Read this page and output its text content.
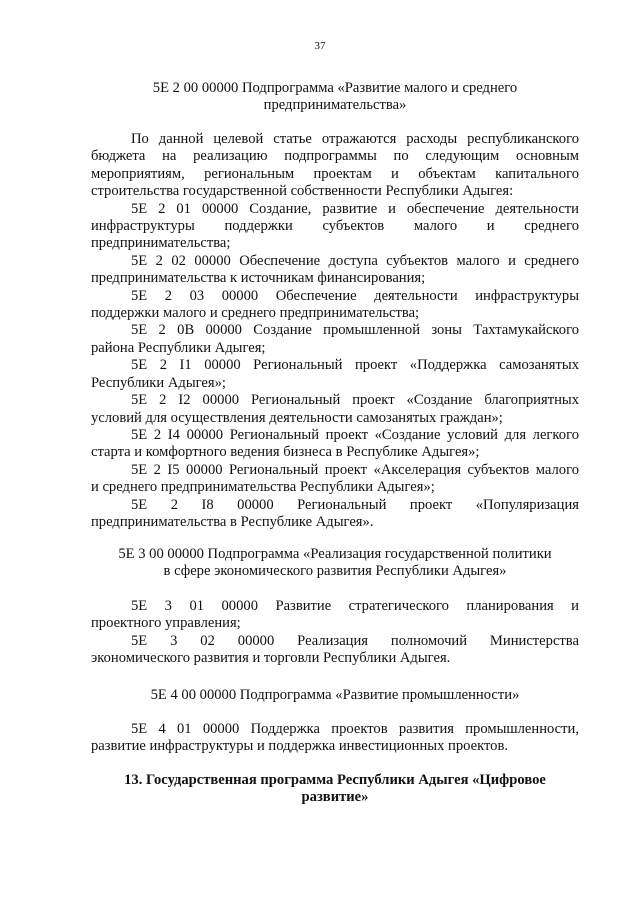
37
5Е 2 00 00000 Подпрограмма «Развитие малого и среднего
предпринимательства»
По данной целевой статье отражаются расходы республиканского
бюджета на реализацию подпрограммы по следующим основным
мероприятиям, региональным проектам и объектам капитального
строительства государственной собственности Республики Адыгея:
5Е 2 01 00000 Создание, развитие и обеспечение деятельности
инфраструктуры поддержки субъектов малого и среднего
предпринимательства;
5Е 2 02 00000 Обеспечение доступа субъектов малого и среднего
предпринимательства к источникам финансирования;
5Е 2 03 00000 Обеспечение деятельности инфраструктуры
поддержки малого и среднего предпринимательства;
5Е 2 0В 00000 Создание промышленной зоны Тахтамукайского
района Республики Адыгея;
5Е 2 I1 00000 Региональный проект «Поддержка самозанятых
Республики Адыгея»;
5Е 2 I2 00000 Региональный проект «Создание благоприятных
условий для осуществления деятельности самозанятых граждан»;
5Е 2 I4 00000 Региональный проект «Создание условий для легкого
старта и комфортного ведения бизнеса в Республике Адыгея»;
5Е 2 I5 00000 Региональный проект «Акселерация субъектов малого
и среднего предпринимательства Республики Адыгея»;
5Е 2 I8 00000 Региональный проект «Популяризация
предпринимательства в Республике Адыгея».
5Е 3 00 00000 Подпрограмма «Реализация государственной политики
в сфере экономического развития Республики Адыгея»
5Е 3 01 00000 Развитие стратегического планирования и
проектного управления;
5Е 3 02 00000 Реализация полномочий Министерства
экономического развития и торговли Республики Адыгея.
5Е 4 00 00000 Подпрограмма «Развитие промышленности»
5Е 4 01 00000 Поддержка проектов развития промышленности,
развитие инфраструктуры и поддержка инвестиционных проектов.
13. Государственная программа Республики Адыгея «Цифровое
развитие»
